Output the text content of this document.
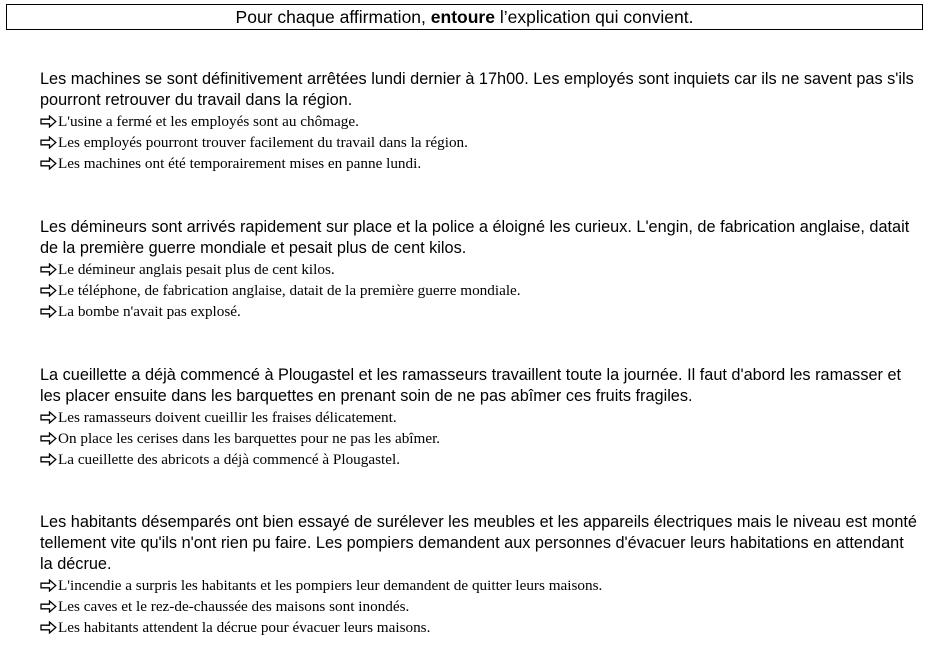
Pour chaque affirmation, entoure l’explication qui convient.

Les machines se sont définitivement arrêtées lundi dernier à 17h00. Les employés sont inquiets car ils ne savent pas s'ils pourront retrouver du travail dans la région.

L'usine a fermé et les employés sont au chômage.
Les employés pourront trouver facilement du travail dans la région.
Les machines ont été temporairement mises en panne lundi.

Les démineurs sont arrivés rapidement sur place et la police a éloigné les curieux. L'engin, de fabrication anglaise, datait de la première guerre mondiale et pesait plus de cent kilos.

Le démineur anglais pesait plus de cent kilos.
Le téléphone, de fabrication anglaise, datait de la première guerre mondiale.
La bombe n'avait pas explosé.

La cueillette a déjà commencé à Plougastel et les ramasseurs travaillent toute la journée. Il faut d'abord les ramasser et les placer ensuite dans les barquettes en prenant soin de ne pas abîmer ces fruits fragiles.

Les ramasseurs doivent cueillir les fraises délicatement.
On place les cerises dans les barquettes pour ne pas les abîmer.
La cueillette des abricots a déjà commencé à Plougastel.

Les habitants désemparés ont bien essayé de surélever les meubles et les appareils électriques mais le niveau est monté tellement vite qu'ils n'ont rien pu faire. Les pompiers demandent aux personnes d'évacuer leurs habitations en attendant la décrue.

L'incendie a surpris les habitants et les pompiers leur demandent de quitter leurs maisons.
Les caves et le rez-de-chaussée des maisons sont inondés.
Les habitants attendent la décrue pour évacuer leurs maisons.
